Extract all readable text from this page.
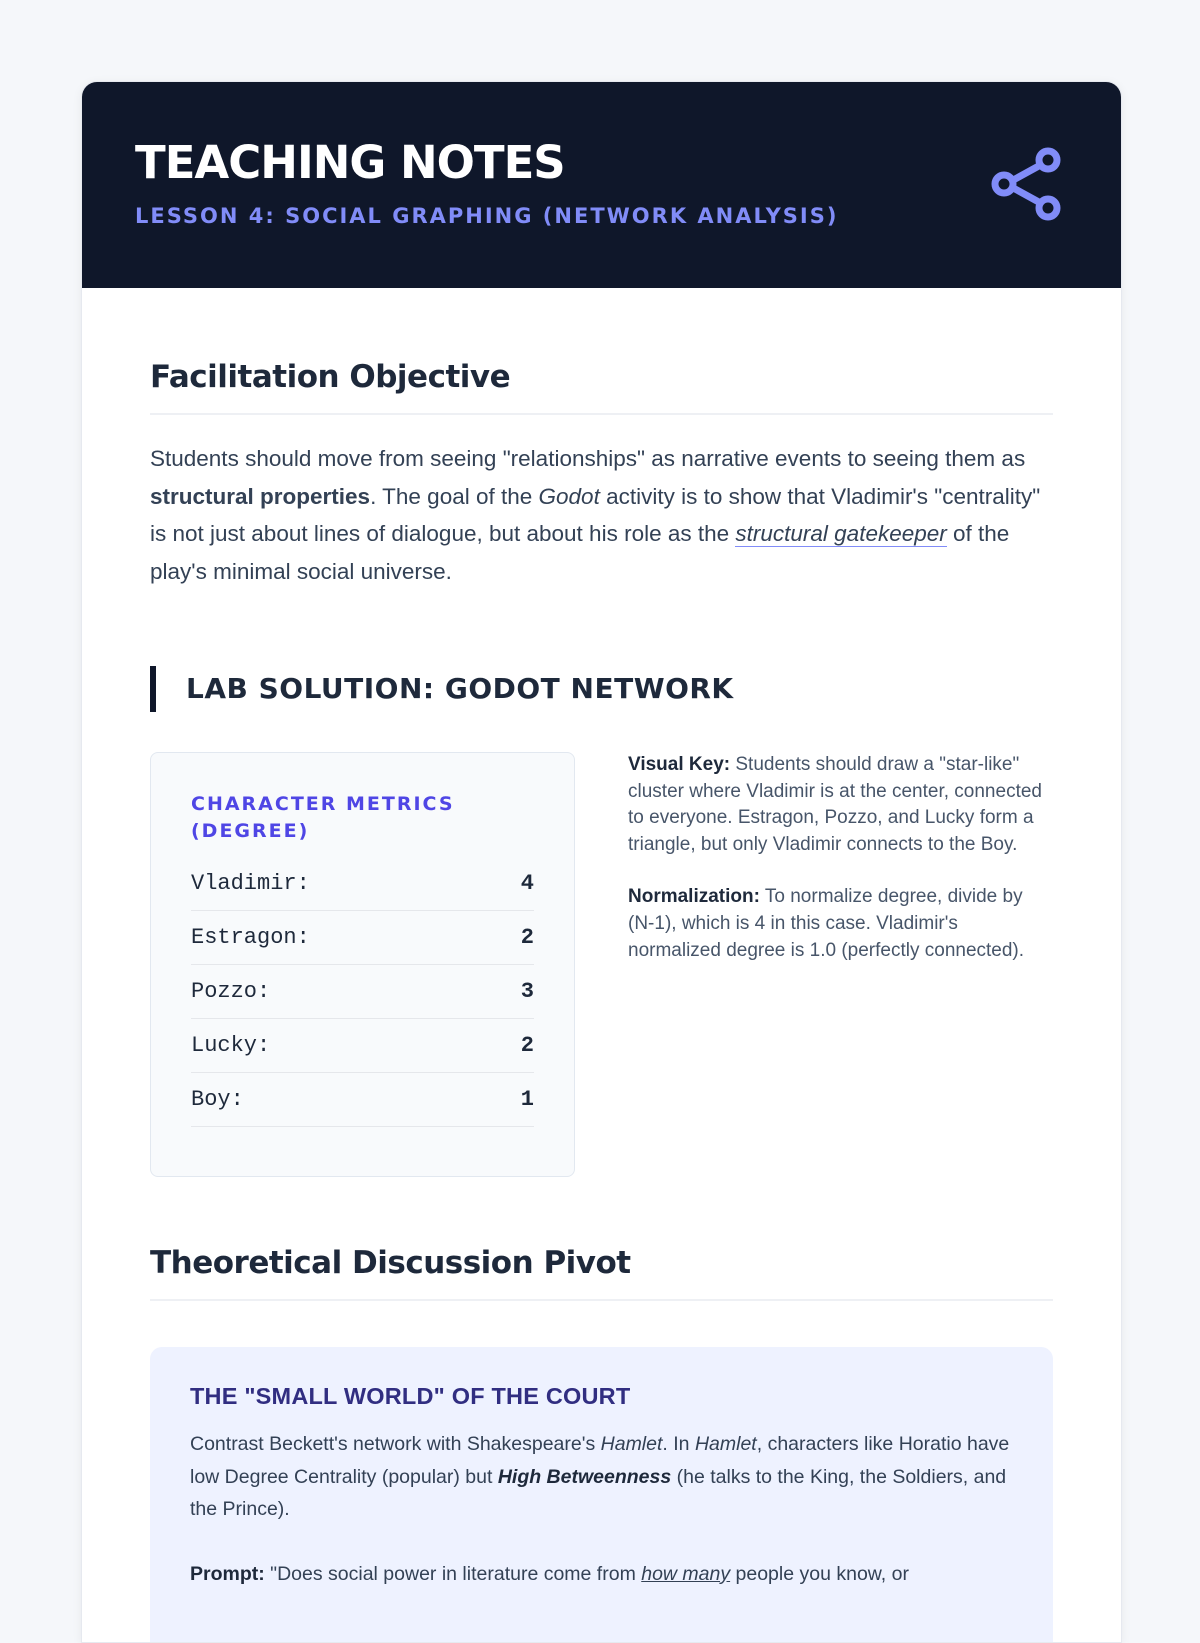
TEACHING NOTES

LESSON 4: SOCIAL GRAPHING (NETWORK ANALYSIS)

Facilitation Objective

Students should move from seeing "relationships" as narrative events to seeing them as structural properties. The goal of the Godot activity is to show that Vladimir's "centrality" is not just about lines of dialogue, but about his role as the structural gatekeeper of the play's minimal social universe.

LAB SOLUTION: GODOT NETWORK
CHARACTER METRICS (DEGREE)
Vladimir:	4
Estragon:	2
Pozzo:	3
Lucky:	2
Boy:	1

Visual Key: Students should draw a "star-like" cluster where Vladimir is at the center, connected to everyone. Estragon, Pozzo, and Lucky form a triangle, but only Vladimir connects to the Boy.

Normalization: To normalize degree, divide by (N-1), which is 4 in this case. Vladimir's normalized degree is 1.0 (perfectly connected).

Theoretical Discussion Pivot
THE "SMALL WORLD" OF THE COURT

Contrast Beckett's network with Shakespeare's Hamlet. In Hamlet, characters like Horatio have low Degree Centrality (popular) but High Betweenness (he talks to the King, the Soldiers, and the Prince).

Prompt: "Does social power in literature come from how many people you know, or
